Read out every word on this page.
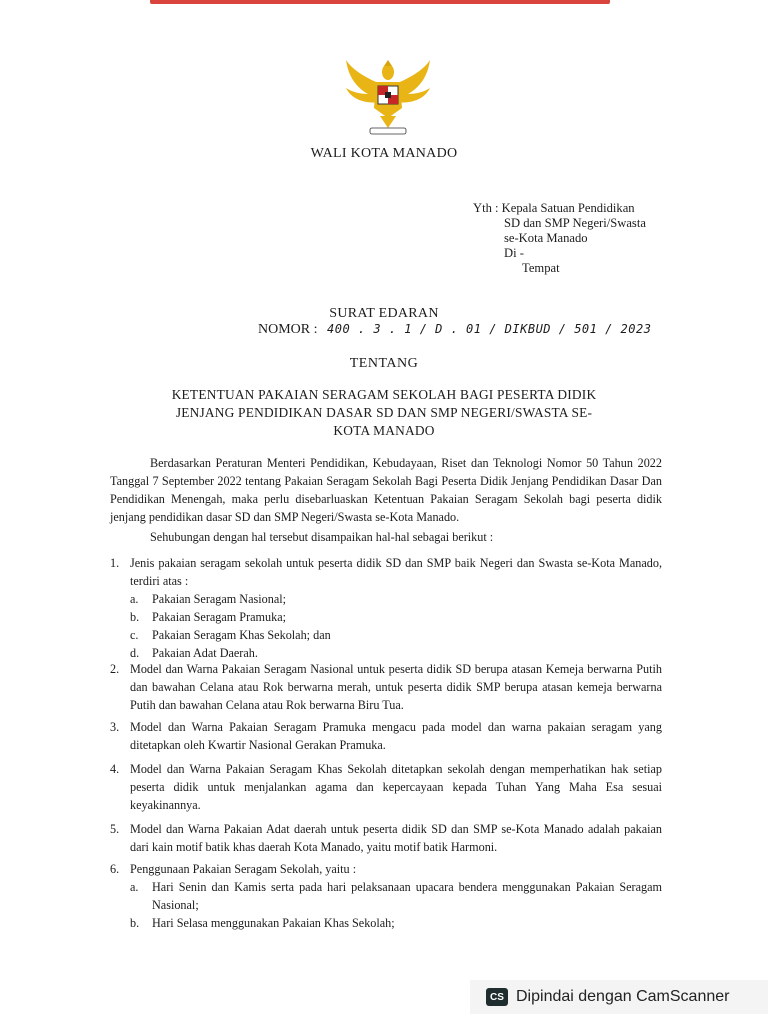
WALI KOTA MANADO
Yth : Kepala Satuan Pendidikan
SD dan SMP Negeri/Swasta
se-Kota Manado
Di -
Tempat
SURAT EDARAN
NOMOR : 400 . 3 . 1 / D . 01 / DIKBUD / 501 / 2023
TENTANG
KETENTUAN PAKAIAN SERAGAM SEKOLAH BAGI PESERTA DIDIK
JENJANG PENDIDIKAN DASAR SD DAN SMP NEGERI/SWASTA SE-
KOTA MANADO
Berdasarkan Peraturan Menteri Pendidikan, Kebudayaan, Riset dan Teknologi Nomor 50 Tahun 2022 Tanggal 7 September 2022 tentang Pakaian Seragam Sekolah Bagi Peserta Didik Jenjang Pendidikan Dasar Dan Pendidikan Menengah, maka perlu disebarluaskan Ketentuan Pakaian Seragam Sekolah bagi peserta didik jenjang pendidikan dasar SD dan SMP Negeri/Swasta se-Kota Manado.
Sehubungan dengan hal tersebut disampaikan hal-hal sebagai berikut :
1. Jenis pakaian seragam sekolah untuk peserta didik SD dan SMP baik Negeri dan Swasta se-Kota Manado, terdiri atas :
a. Pakaian Seragam Nasional;
b. Pakaian Seragam Pramuka;
c. Pakaian Seragam Khas Sekolah; dan
d. Pakaian Adat Daerah.
2. Model dan Warna Pakaian Seragam Nasional untuk peserta didik SD berupa atasan Kemeja berwarna Putih dan bawahan Celana atau Rok berwarna merah, untuk peserta didik SMP berupa atasan kemeja berwarna Putih dan bawahan Celana atau Rok berwarna Biru Tua.
3. Model dan Warna Pakaian Seragam Pramuka mengacu pada model dan warna pakaian seragam yang ditetapkan oleh Kwartir Nasional Gerakan Pramuka.
4. Model dan Warna Pakaian Seragam Khas Sekolah ditetapkan sekolah dengan memperhatikan hak setiap peserta didik untuk menjalankan agama dan kepercayaan kepada Tuhan Yang Maha Esa sesuai keyakinannya.
5. Model dan Warna Pakaian Adat daerah untuk peserta didik SD dan SMP se-Kota Manado adalah pakaian dari kain motif batik khas daerah Kota Manado, yaitu motif batik Harmoni.
6. Penggunaan Pakaian Seragam Sekolah, yaitu :
a. Hari Senin dan Kamis serta pada hari pelaksanaan upacara bendera menggunakan Pakaian Seragam Nasional;
b. Hari Selasa menggunakan Pakaian Khas Sekolah;
CS Dipindai dengan CamScanner
